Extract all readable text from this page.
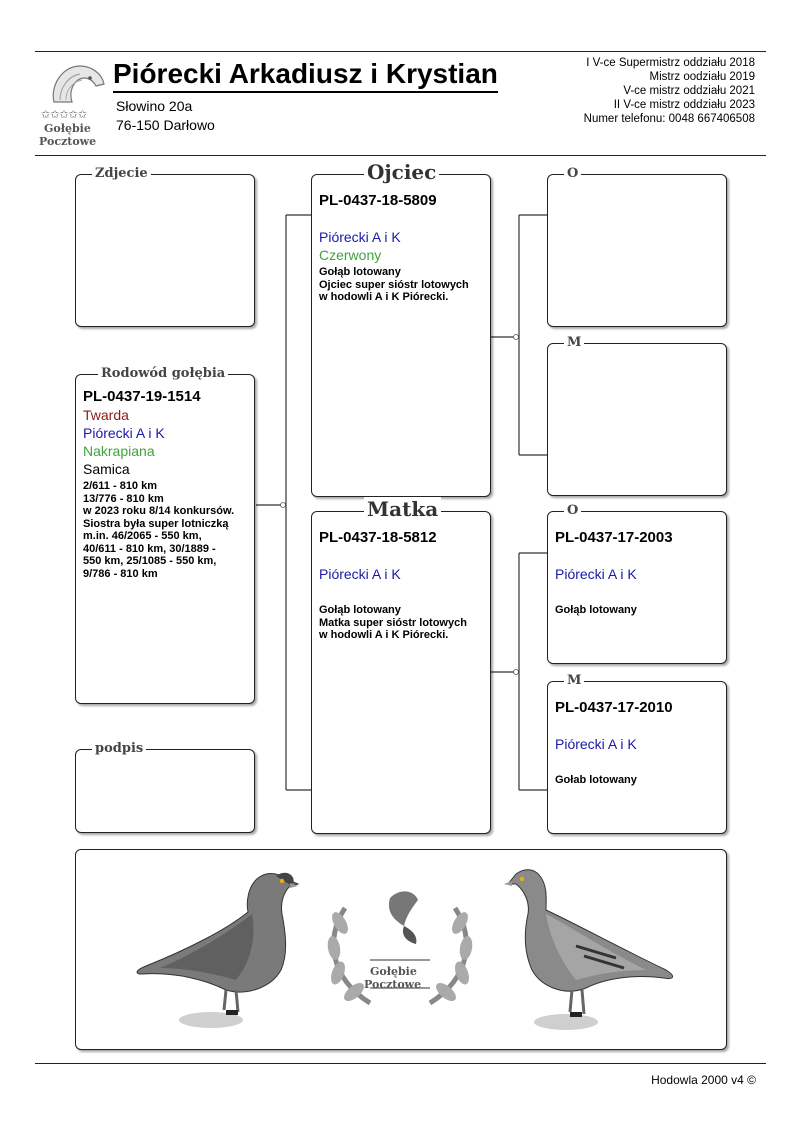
✩✩✩✩✩
Gołębie
Pocztowe
Piórecki Arkadiusz i Krystian
Słowino 20a
76-150 Darłowo
I V-ce Supermistrz oddziału 2018
Mistrz oodziału 2019
V-ce mistrz oddziału 2021
II V-ce mistrz oddziału 2023
Numer telefonu: 0048 667406508
Zdjecie
Rodowód gołębia
PL-0437-19-1514
Twarda
Piórecki A i K
Nakrapiana
Samica
2/611 - 810 km
13/776 - 810 km
w 2023 roku 8/14 konkursów.
Siostra była super lotniczką
m.in. 46/2065 - 550 km,
40/611 - 810 km, 30/1889 -
550 km, 25/1085 - 550 km,
9/786 - 810 km
podpis
Ojciec
PL-0437-18-5809
Piórecki A i K
Czerwony
Gołąb lotowany
Ojciec super sióstr lotowych
w hodowli A i K Piórecki.
Matka
PL-0437-18-5812
Piórecki A i K
Gołąb lotowany
Matka super sióstr lotowych
w hodowli A i K Piórecki.
O
M
O
PL-0437-17-2003
Piórecki A i K
Gołąb lotowany
M
PL-0437-17-2010
Piórecki A i K
Gołab lotowany
Gołębie
Pocztowe
Hodowla 2000 v4 ©
